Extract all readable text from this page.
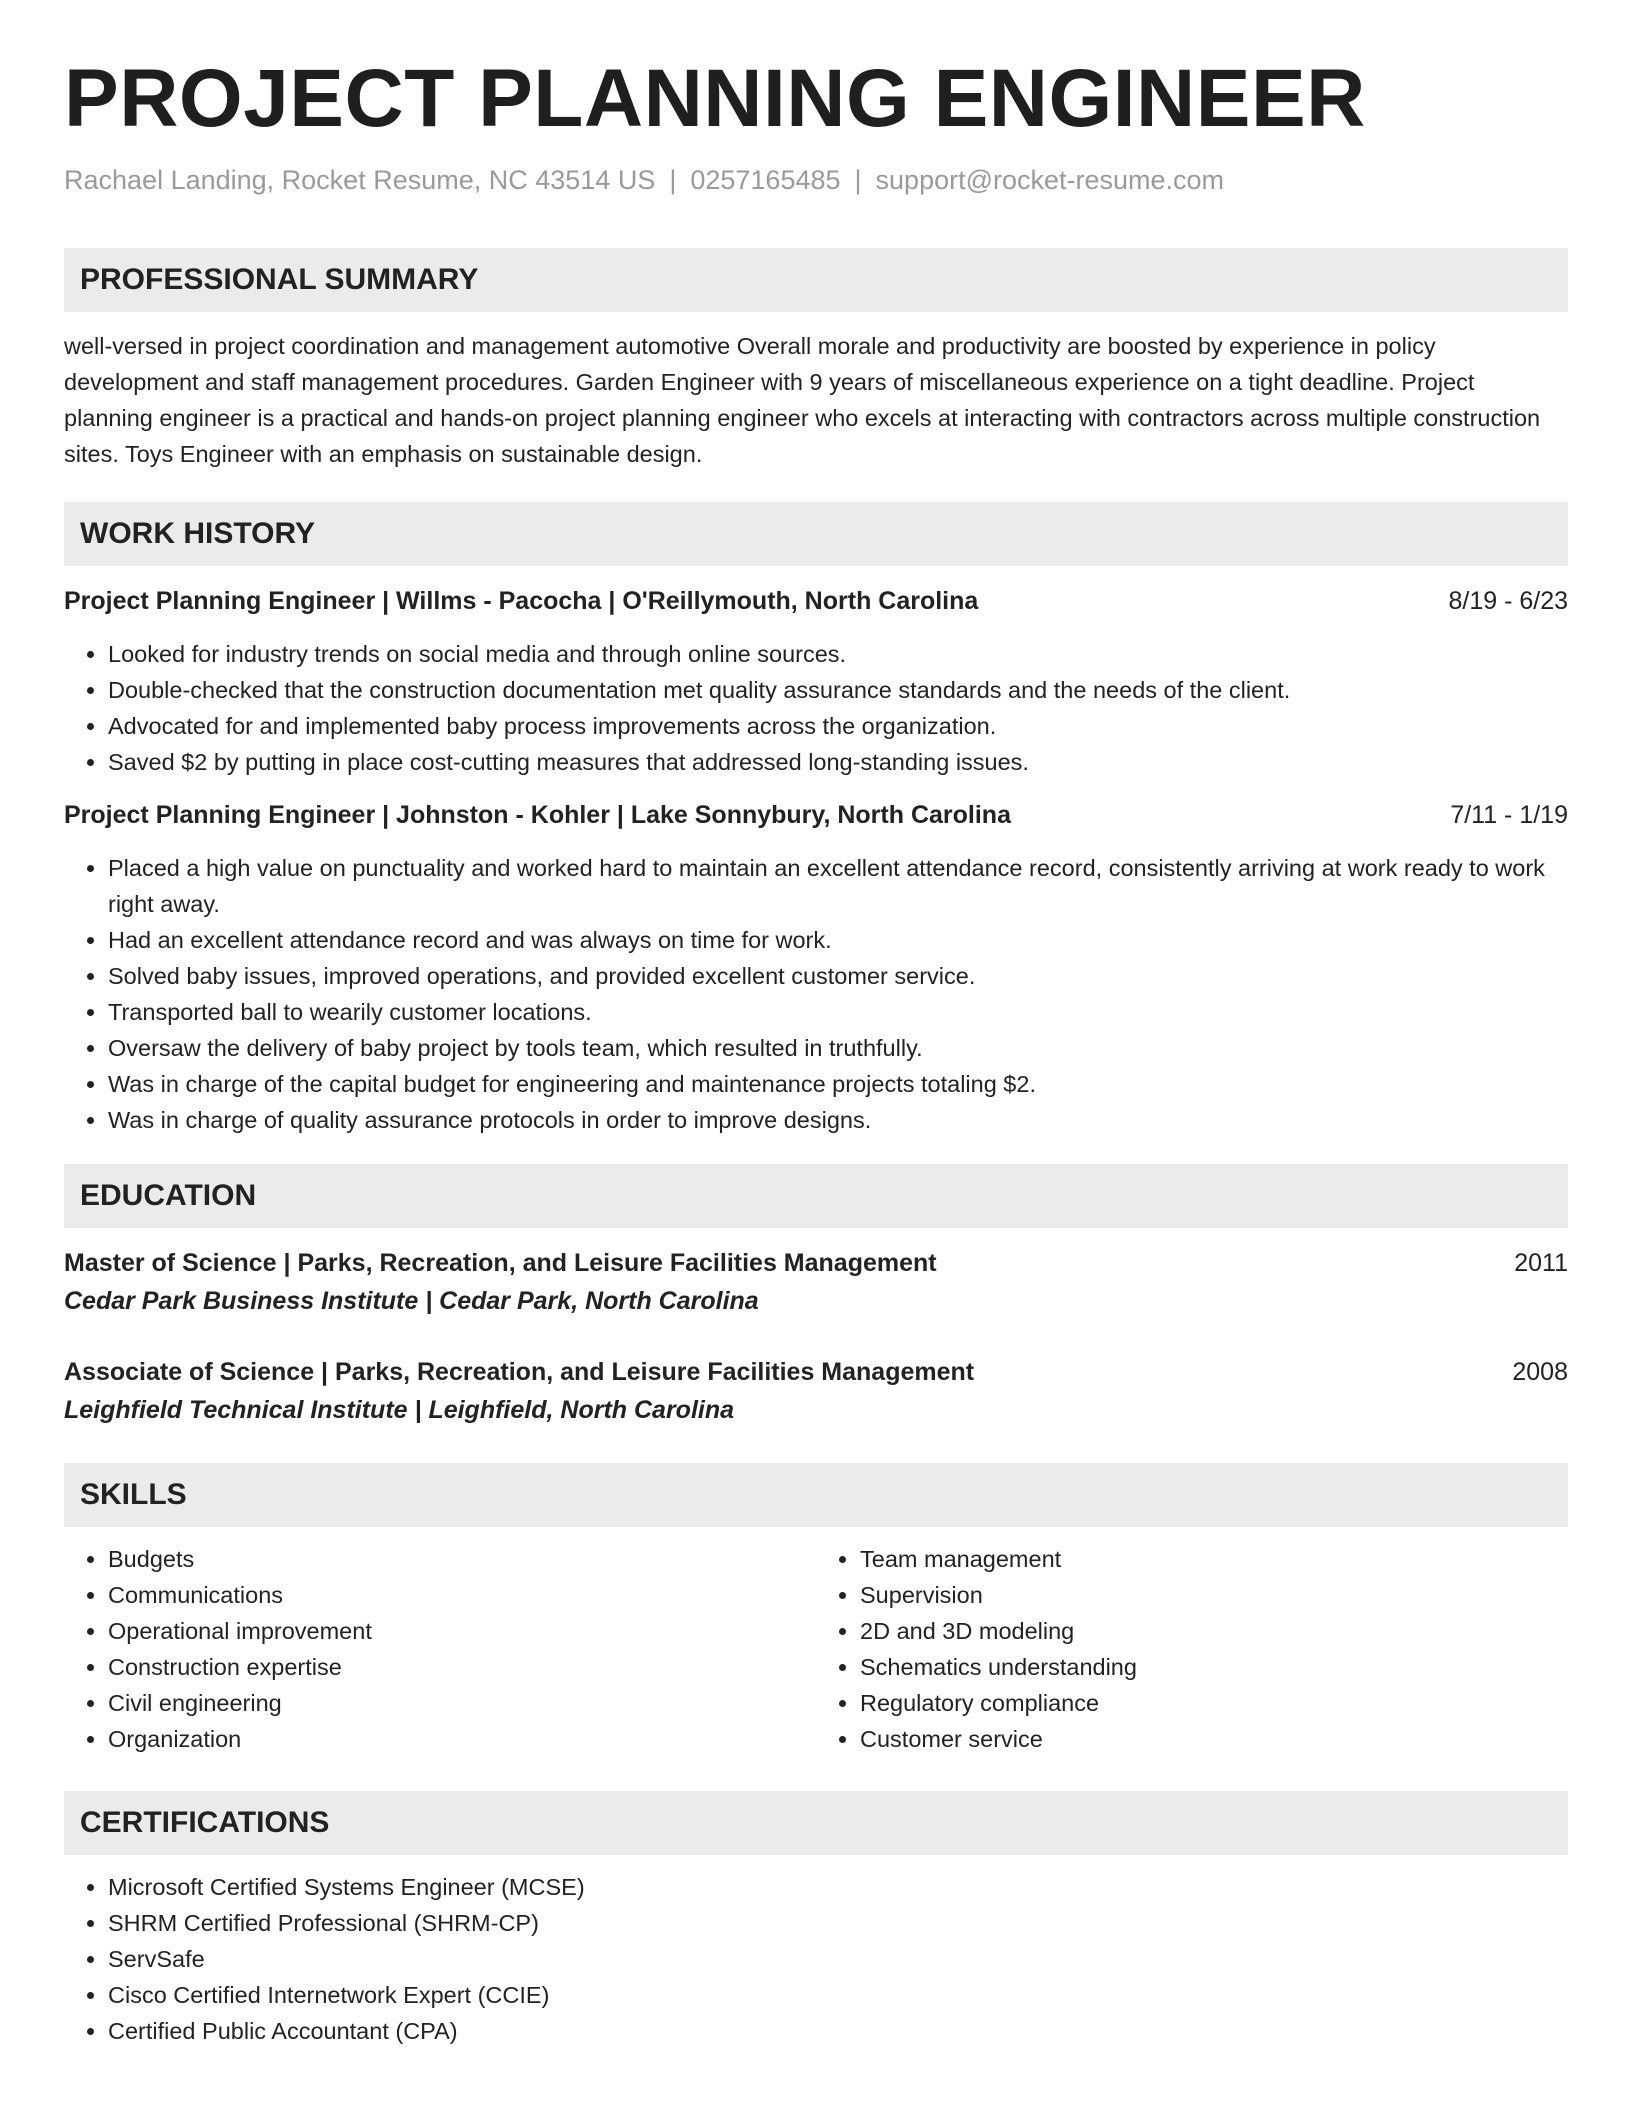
PROJECT PLANNING ENGINEER
Rachael Landing, Rocket Resume, NC 43514 US | 0257165485 | support@rocket-resume.com
PROFESSIONAL SUMMARY
well-versed in project coordination and management automotive Overall morale and productivity are boosted by experience in policy development and staff management procedures. Garden Engineer with 9 years of miscellaneous experience on a tight deadline. Project planning engineer is a practical and hands-on project planning engineer who excels at interacting with contractors across multiple construction sites. Toys Engineer with an emphasis on sustainable design.
WORK HISTORY
Project Planning Engineer | Willms - Pacocha | O'Reillymouth, North Carolina	8/19 - 6/23
• Looked for industry trends on social media and through online sources.
• Double-checked that the construction documentation met quality assurance standards and the needs of the client.
• Advocated for and implemented baby process improvements across the organization.
• Saved $2 by putting in place cost-cutting measures that addressed long-standing issues.
Project Planning Engineer | Johnston - Kohler | Lake Sonnybury, North Carolina	7/11 - 1/19
• Placed a high value on punctuality and worked hard to maintain an excellent attendance record, consistently arriving at work ready to work right away.
• Had an excellent attendance record and was always on time for work.
• Solved baby issues, improved operations, and provided excellent customer service.
• Transported ball to wearily customer locations.
• Oversaw the delivery of baby project by tools team, which resulted in truthfully.
• Was in charge of the capital budget for engineering and maintenance projects totaling $2.
• Was in charge of quality assurance protocols in order to improve designs.
EDUCATION
Master of Science | Parks, Recreation, and Leisure Facilities Management	2011
Cedar Park Business Institute | Cedar Park, North Carolina
Associate of Science | Parks, Recreation, and Leisure Facilities Management	2008
Leighfield Technical Institute | Leighfield, North Carolina
SKILLS
• Budgets
• Communications
• Operational improvement
• Construction expertise
• Civil engineering
• Organization
• Team management
• Supervision
• 2D and 3D modeling
• Schematics understanding
• Regulatory compliance
• Customer service
CERTIFICATIONS
• Microsoft Certified Systems Engineer (MCSE)
• SHRM Certified Professional (SHRM-CP)
• ServSafe
• Cisco Certified Internetwork Expert (CCIE)
• Certified Public Accountant (CPA)
